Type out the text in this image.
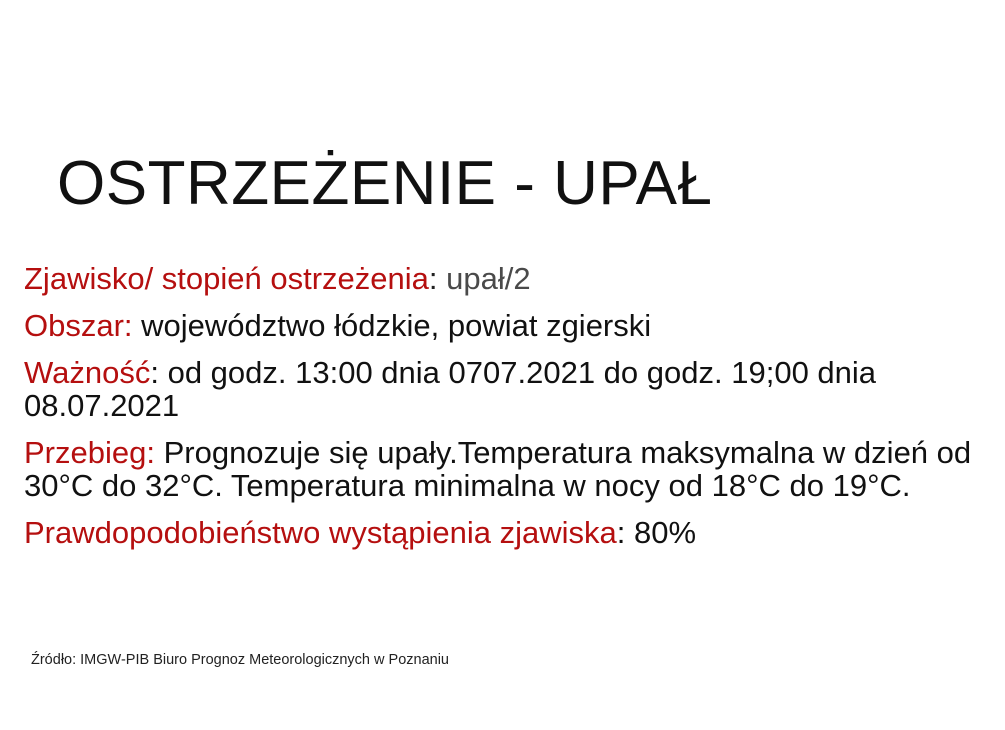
OSTRZEŻENIE - UPAŁ
Zjawisko/ stopień ostrzeżenia: upał/2
Obszar: województwo łódzkie, powiat zgierski
Ważność: od godz. 13:00 dnia 0707.2021 do godz. 19;00 dnia 08.07.2021
Przebieg: Prognozuje się upały.Temperatura maksymalna w dzień od 30°C do 32°C. Temperatura minimalna w nocy od 18°C do 19°C.
Prawdopodobieństwo wystąpienia zjawiska: 80%
Źródło: IMGW-PIB Biuro Prognoz Meteorologicznych w Poznaniu
